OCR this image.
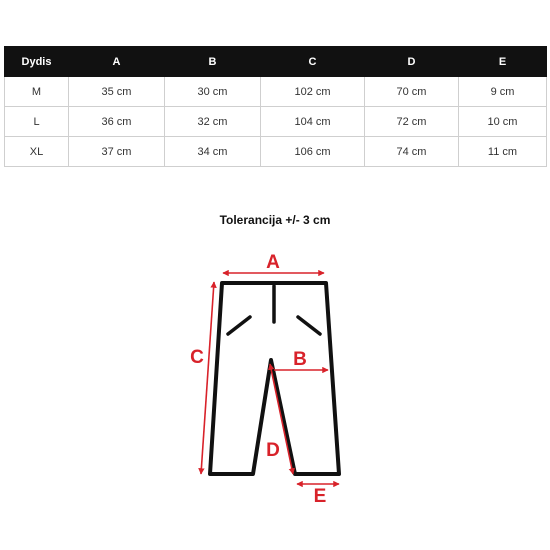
Dydis	A	B	C	D	E
M	35 cm	30 cm	102 cm	70 cm	9 cm
L	36 cm	32 cm	104 cm	72 cm	10 cm
XL	37 cm	34 cm	106 cm	74 cm	11 cm
Tolerancija +/- 3 cm
A
B
C
D
E
